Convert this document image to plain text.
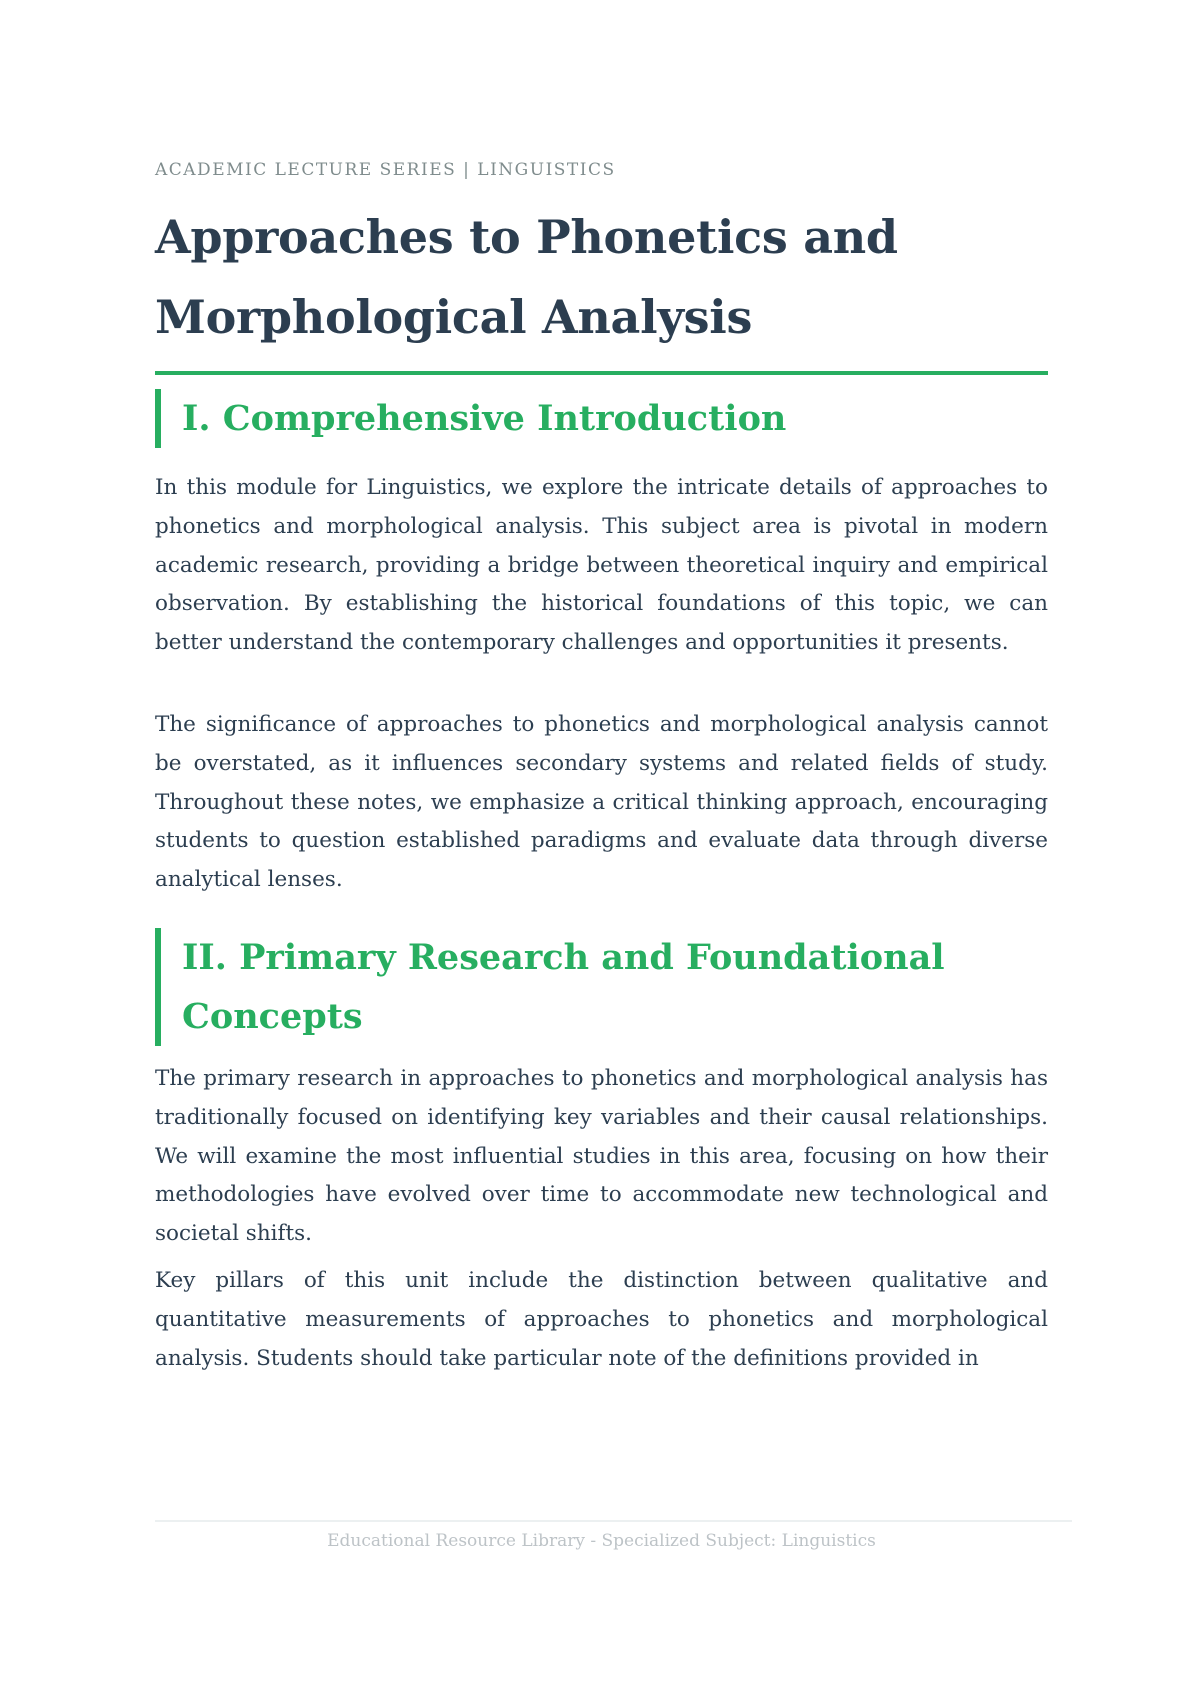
ACADEMIC LECTURE SERIES | LINGUISTICS
Approaches to Phonetics and Morphological Analysis
I. Comprehensive Introduction

In this module for Linguistics, we explore the intricate details of approaches to phonetics and morphological analysis. This subject area is pivotal in modern academic research, providing a bridge between theoretical inquiry and empirical observation. By establishing the historical foundations of this topic, we can better understand the contemporary challenges and opportunities it presents.

The significance of approaches to phonetics and morphological analysis cannot be overstated, as it influences secondary systems and related fields of study. Throughout these notes, we emphasize a critical thinking approach, encouraging students to question established paradigms and evaluate data through diverse analytical lenses.

II. Primary Research and Foundational Concepts

The primary research in approaches to phonetics and morphological analysis has traditionally focused on identifying key variables and their causal relationships. We will examine the most influential studies in this area, focusing on how their methodologies have evolved over time to accommodate new technological and societal shifts.

Key pillars of this unit include the distinction between qualitative and quantitative measurements of approaches to phonetics and morphological analysis. Students should take particular note of the definitions provided in

Educational Resource Library - Specialized Subject: Linguistics
